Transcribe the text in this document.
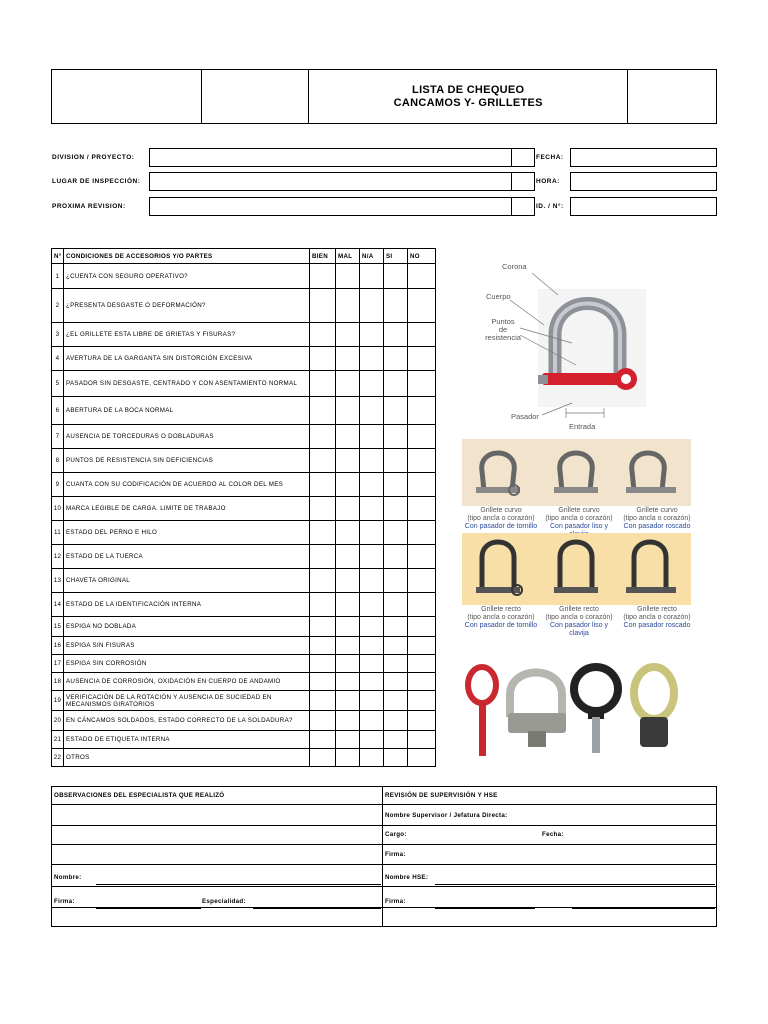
LISTA DE CHEQUEO
CANCAMOS Y- GRILLETES
DIVISION / PROYECTO:	FECHA:
LUGAR DE INSPECCIÓN:	HORA:
PROXIMA REVISION:	ID. / N°:
N°	CONDICIONES DE ACCESORIOS Y/O PARTES	BIEN	MAL	N/A	SI	NO
1	¿CUENTA CON SEGURO OPERATIVO?					
2	¿PRESENTA DESGASTE O DEFORMACIÓN?					
3	¿EL GRILLETE ESTA LIBRE DE GRIETAS Y FISURAS?					
4	AVERTURA DE LA GARGANTA SIN DISTORCIÓN EXCESIVA					
5	PASADOR SIN DESGASTE, CENTRADO Y CON ASENTAMIENTO NORMAL					
6	ABERTURA DE LA BOCA NORMAL					
7	AUSENCIA DE TORCEDURAS O DOBLADURAS					
8	PUNTOS DE RESISTENCIA SIN DEFICIENCIAS					
9	CUANTA CON SU CODIFICACIÓN DE ACUERDO AL COLOR DEL MES					
10	MARCA LEGIBLE DE CARGA. LIMITE DE TRABAJO					
11	ESTADO DEL PERNO E HILO					
12	ESTADO DE LA TUERCA					
13	CHAVETA ORIGINAL					
14	ESTADO DE LA IDENTIFICACIÓN INTERNA					
15	ESPIGA NO DOBLADA					
16	ESPIGA SIN FISURAS					
17	ESPIGA SIN CORROSIÓN					
18	AUSENCIA DE CORROSIÓN, OXIDACIÓN EN CUERPO DE ANDAMIO					
19	VERIFICACIÓN DE LA ROTACIÓN Y AUSENCIA DE SUCIEDAD EN MECANISMOS GIRATORIOS					
20	EN CÁNCAMOS SOLDADOS, ESTADO CORRECTO DE LA SOLDADURA?					
21	ESTADO DE ETIQUETA INTERNA					
22	OTROS					
Corona
Cuerpo
Puntos
de
resistencia
Pasador
Entrada
Grillete curvo
(tipo ancla o corazón)
Con pasador de tornillo
Grillete curvo
(tipo ancla o corazón)
Con pasador liso y
Grillete curvo
(tipo ancla o corazón)
Con pasador roscado
Grillete recto
(tipo ancla o corazón)
Con pasador de tornillo
Grillete recto
(tipo ancla o corazón)
Con pasador liso y clavija
Grillete recto
(tipo ancla o corazón)
Con pasador roscado
OBSERVACIONES DEL ESPECIALISTA QUE REALIZÓ	REVISIÓN DE SUPERVISIÓN Y HSE
Nombre Supervisor / Jefatura Directa:
Cargo:	Fecha:
Firma:
Nombre:	Nombre HSE:
Firma:	Especialidad:	Firma:
